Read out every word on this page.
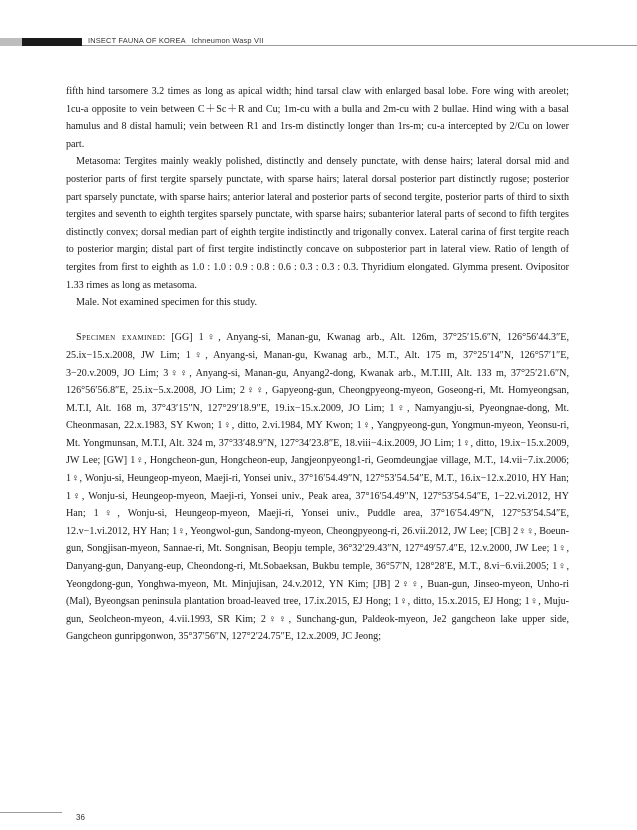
INSECT FAUNA OF KOREA Ichneumon Wasp VII

fifth hind tarsomere 3.2 times as long as apical width; hind tarsal claw with enlarged basal lobe. Fore wing with areolet; 1cu-a opposite to vein between C＋Sc＋R and Cu; 1m-cu with a bulla and 2m-cu with 2 bullae. Hind wing with a basal hamulus and 8 distal hamuli; vein between R1 and 1rs-m distinctly longer than 1rs-m; cu-a intercepted by 2/Cu on lower part.

Metasoma: Tergites mainly weakly polished, distinctly and densely punctate, with dense hairs; lateral dorsal mid and posterior parts of first tergite sparsely punctate, with sparse hairs; lateral dorsal posterior part distinctly rugose; posterior part sparsely punctate, with sparse hairs; anterior lateral and posterior parts of second tergite, posterior parts of third to sixth tergites and seventh to eighth tergites sparsely punctate, with sparse hairs; subanterior lateral parts of second to fifth tergites distinctly convex; dorsal median part of eighth tergite indistinctly and trigonally convex. Lateral carina of first tergite reach to posterior margin; distal part of first tergite indistinctly concave on subposterior part in lateral view. Ratio of length of tergites from first to eighth as 1.0 : 1.0 : 0.9 : 0.8 : 0.6 : 0.3 : 0.3 : 0.3. Thyridium elongated. Glymma present. Ovipositor 1.33 rimes as long as metasoma.

Male. Not examined specimen for this study.

Specimen examined: [GG] 1♀, Anyang-si, Manan-gu, Kwanag arb., Alt. 126m, 37°25′15.6″N, 126°56′44.3″E, 25.ix−15.x.2008, JW Lim; 1♀, Anyang-si, Manan-gu, Kwanag arb., M.T., Alt. 175 m, 37°25′14″N, 126°57′1″E, 3−20.v.2009, JO Lim; 3♀♀, Anyang-si, Manan-gu, Anyang2-dong, Kwanak arb., M.T.III, Alt. 133 m, 37°25′21.6″N, 126°56′56.8″E, 25.ix−5.x.2008, JO Lim; 2♀♀, Gapyeong-gun, Cheongpyeong-myeon, Goseong-ri, Mt. Homyeongsan, M.T.I, Alt. 168 m, 37°43′15″N, 127°29′18.9″E, 19.ix−15.x.2009, JO Lim; 1♀, Namyangju-si, Pyeongnae-dong, Mt. Cheonmasan, 22.x.1983, SY Kwon; 1♀, ditto, 2.vi.1984, MY Kwon; 1♀, Yangpyeong-gun, Yongmun-myeon, Yeonsu-ri, Mt. Yongmunsan, M.T.I, Alt. 324 m, 37°33′48.9″N, 127°34′23.8″E, 18.viii−4.ix.2009, JO Lim; 1♀, ditto, 19.ix−15.x.2009, JW Lee; [GW] 1♀, Hongcheon-gun, Hongcheon-eup, Jangjeonpyeong1-ri, Geomdeungjae village, M.T., 14.vii−7.ix.2006; 1♀, Wonju-si, Heungeop-myeon, Maeji-ri, Yonsei univ., 37°16′54.49″N, 127°53′54.54″E, M.T., 16.ix−12.x.2010, HY Han; 1♀, Wonju-si, Heungeop-myeon, Maeji-ri, Yonsei univ., Peak area, 37°16′54.49″N, 127°53′54.54″E, 1−22.vi.2012, HY Han; 1♀, Wonju-si, Heungeop-myeon, Maeji-ri, Yonsei univ., Puddle area, 37°16′54.49″N, 127°53′54.54″E, 12.v−1.vi.2012, HY Han; 1♀, Yeongwol-gun, Sandong-myeon, Cheongpyeong-ri, 26.vii.2012, JW Lee; [CB] 2♀♀, Boeun-gun, Songjisan-myeon, Sannae-ri, Mt. Songnisan, Beopju temple, 36°32′29.43″N, 127°49′57.4″E, 12.v.2000, JW Lee; 1♀, Danyang-gun, Danyang-eup, Cheondong-ri, Mt.Sobaeksan, Bukbu temple, 36°57′N, 128°28′E, M.T., 8.vi−6.vii.2005; 1♀, Yeongdong-gun, Yonghwa-myeon, Mt. Minjujisan, 24.v.2012, YN Kim; [JB] 2♀♀, Buan-gun, Jinseo-myeon, Unho-ri (Mal), Byeongsan peninsula plantation broad-leaved tree, 17.ix.2015, EJ Hong; 1♀, ditto, 15.x.2015, EJ Hong; 1♀, Muju-gun, Seolcheon-myeon, 4.vii.1993, SR Kim; 2♀♀, Sunchang-gun, Paldeok-myeon, Je2 gangcheon lake upper side, Gangcheon gunripgonwon, 35°37′56″N, 127°2′24.75″E, 12.x.2009, JC Jeong;

36
